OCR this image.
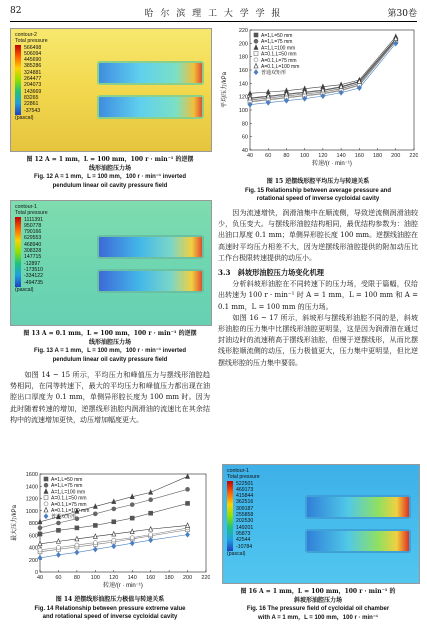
82	哈 尔 滨 理 工 大 学 学 报	第30卷
contour-2
Total pressure
566498
506094
445690
385286
324881
264477
204073
143669
83265
22861
-37543
(pascal)
图 12 A = 1 mm，L = 100 mm，100 r · min⁻¹ 的逆摆
线形油腔压力场
Fig. 12 A = 1 mm，L = 100 mm，100 r · min⁻¹ inverted
pendulum linear oil cavity pressure field
contour-1
Total pressure
1111391
950778
790166
629553
468940
308328
147715
-12897
-173510
-334122
-494735
(pascal)
图 13 A = 0.1 mm，L = 100 mm，100 r · min⁻¹ 的逆摆
线形油腔压力场
Fig. 13 A = 1 mm，L = 100 mm，100 r · min⁻¹ inverted
pendulum linear oil cavity pressure field

　　如图 14 ~ 15 所示，平均压力和峰值压力与摆线形油腔趋势相同，在同等转速下，最大的平均压力和峰值压力都出现在油腔出口厚度为 0.1 mm，单侧异形腔长度为 100 mm 时。因为此时随着转速的增加，逆摆线形油腔内润滑油的流速比在其余结构中的流速增加更快，动压增加幅度更大。

0
200
400
600
800
1000
1200
1400
1600
40 60 80 100 120 140 160 180 200 220
转速/(r · min⁻¹)
最大压力/kPa
A=1,L=50 mm
A=1,L=75 mm
A=1,L=100 mm
A=0.1,L=50 mm
A=0.1,L=75 mm
A=0.1,L=100 mm
普通双矩形
图 14 逆摆线形油腔压力极值与转速关系
Fig. 14 Relationship between pressure extreme value
and rotational speed of inverse cycloidal cavity
40
60
80
100
120
140
160
180
200
220
40 60 80 100 120 140 160 180 200 220
转速/(r · min⁻¹)
平均压力/kPa
A=1,L=50 mm
A=1,L=75 mm
A=1,L=100 mm
A=0.1,L=50 mm
A=0.1,L=75 mm
A=0.1,L=100 mm
普通双矩形
图 15 逆摆线形腔平均压力与转速关系
Fig. 15 Relationship between average pressure and
rotational speed of inverse cycloidal cavity

　　因为流速增快，润滑油集中在顺流侧，导致逆流侧润滑油较少，负压变大。与摆线形油腔结构相同，最优结构参数为：油腔出油口厚度 0.1 mm；单侧异形腔长度 100 mm。逆摆线油腔在高速时平均压力相差不大，因为逆摆线形油腔提供的附加动压比工作台极限转速提供的动压小。

3.3　斜坡形油腔压力场变化机理

　　分析斜坡形油腔在不同转速下的压力场，受限于篇幅，仅给出转速为 100 r · min⁻¹ 时 A = 1 mm，L = 100 mm 和 A = 0.1 mm，L = 100 mm 的压力场。

　　如图 16 ~ 17 所示，斜坡形与摆线形油腔不同的是，斜坡形油腔的压力集中比摆线形油腔更明显，这是因为润滑油在通过封油边时的流速稍高于摆线形油腔，但慢于逆摆线形，从而比摆线形腔顺流侧的动压，压力极值更大，压力集中更明显，但比逆摆线形腔的压力集中要弱。

contour-1
Total pressure
522501
469173
415844
362516
309187
255858
202530
149201
95873
42544
-10784
(pascal)
图 16 A = 1 mm，L = 100 mm，100 r · min⁻¹ 的
斜坡形油腔压力场
Fig. 16 The pressure field of cycloidal oil chamber
with A = 1 mm，L = 100 mm，100 r · min⁻¹
